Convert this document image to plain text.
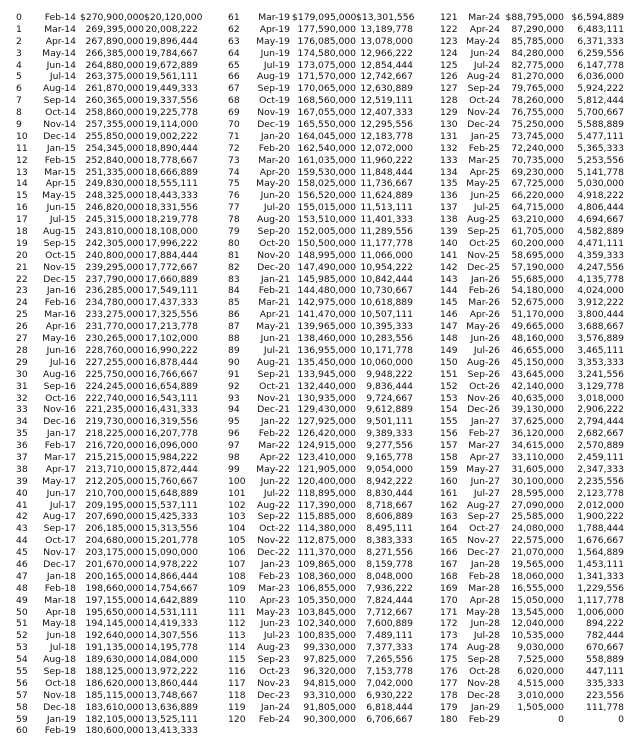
0	Feb-14 $270,900,000 $20,120,000
1	Mar-14	269,395,000 20,008,222
2	Apr-14	267,890,000 19,896,444
3	May-14	266,385,000 19,784,667
4	Jun-14	264,880,000 19,672,889
5	Jul-14	263,375,000 19,561,111
6	Aug-14	261,870,000 19,449,333
7	Sep-14	260,365,000 19,337,556
8	Oct-14	258,860,000 19,225,778
9	Nov-14	257,355,000 19,114,000
10	Dec-14	255,850,000 19,002,222
11	Jan-15	254,345,000 18,890,444
12	Feb-15	252,840,000 18,778,667
13	Mar-15	251,335,000 18,666,889
14	Apr-15	249,830,000 18,555,111
15	May-15	248,325,000 18,443,333
16	Jun-15	246,820,000 18,331,556
17	Jul-15	245,315,000 18,219,778
18	Aug-15	243,810,000 18,108,000
19	Sep-15	242,305,000 17,996,222
20	Oct-15	240,800,000 17,884,444
21	Nov-15	239,295,000 17,772,667
22	Dec-15	237,790,000 17,660,889
23	Jan-16	236,285,000 17,549,111
24	Feb-16	234,780,000 17,437,333
25	Mar-16	233,275,000 17,325,556
26	Apr-16	231,770,000 17,213,778
27	May-16	230,265,000 17,102,000
28	Jun-16	228,760,000 16,990,222
29	Jul-16	227,255,000 16,878,444
30	Aug-16	225,750,000 16,766,667
31	Sep-16	224,245,000 16,654,889
32	Oct-16	222,740,000 16,543,111
33	Nov-16	221,235,000 16,431,333
34	Dec-16	219,730,000 16,319,556
35	Jan-17	218,225,000 16,207,778
36	Feb-17	216,720,000 16,096,000
37	Mar-17	215,215,000 15,984,222
38	Apr-17	213,710,000 15,872,444
39	May-17	212,205,000 15,760,667
40	Jun-17	210,700,000 15,648,889
41	Jul-17	209,195,000 15,537,111
42	Aug-17	207,690,000 15,425,333
43	Sep-17	206,185,000 15,313,556
44	Oct-17	204,680,000 15,201,778
45	Nov-17	203,175,000 15,090,000
46	Dec-17	201,670,000 14,978,222
47	Jan-18	200,165,000 14,866,444
48	Feb-18	198,660,000 14,754,667
49	Mar-18	197,155,000 14,642,889
50	Apr-18	195,650,000 14,531,111
51	May-18	194,145,000 14,419,333
52	Jun-18	192,640,000 14,307,556
53	Jul-18	191,135,000 14,195,778
54	Aug-18	189,630,000 14,084,000
55	Sep-18	188,125,000 13,972,222
56	Oct-18	186,620,000 13,860,444
57	Nov-18	185,115,000 13,748,667
58	Dec-18	183,610,000 13,636,889
59	Jan-19	182,105,000 13,525,111
60	Feb-19	180,600,000 13,413,333
61	Mar-19 $179,095,000 $13,301,556
62	Apr-19 177,590,000 13,189,778
63	May-19 176,085,000 13,078,000
64	Jun-19 174,580,000 12,966,222
65	Jul-19 173,075,000 12,854,444
66	Aug-19 171,570,000 12,742,667
67	Sep-19 170,065,000 12,630,889
68	Oct-19 168,560,000 12,519,111
69	Nov-19 167,055,000 12,407,333
70	Dec-19 165,550,000 12,295,556
71	Jan-20 164,045,000 12,183,778
72	Feb-20 162,540,000 12,072,000
73	Mar-20 161,035,000 11,960,222
74	Apr-20 159,530,000 11,848,444
75	May-20 158,025,000 11,736,667
76	Jun-20 156,520,000 11,624,889
77	Jul-20 155,015,000 11,513,111
78	Aug-20 153,510,000 11,401,333
79	Sep-20 152,005,000 11,289,556
80	Oct-20 150,500,000 11,177,778
81	Nov-20 148,995,000 11,066,000
82	Dec-20 147,490,000 10,954,222
83	Jan-21 145,985,000 10,842,444
84	Feb-21 144,480,000 10,730,667
85	Mar-21 142,975,000 10,618,889
86	Apr-21 141,470,000 10,507,111
87	May-21 139,965,000 10,395,333
88	Jun-21 138,460,000 10,283,556
89	Jul-21 136,955,000 10,171,778
90	Aug-21 135,450,000 10,060,000
91	Sep-21 133,945,000	9,948,222
92	Oct-21 132,440,000	9,836,444
93	Nov-21 130,935,000	9,724,667
94	Dec-21 129,430,000	9,612,889
95	Jan-22 127,925,000	9,501,111
96	Feb-22 126,420,000	9,389,333
97	Mar-22 124,915,000	9,277,556
98	Apr-22 123,410,000	9,165,778
99	May-22 121,905,000	9,054,000
100	Jun-22 120,400,000	8,942,222
101	Jul-22 118,895,000	8,830,444
102	Aug-22 117,390,000	8,718,667
103	Sep-22 115,885,000	8,606,889
104	Oct-22 114,380,000	8,495,111
105	Nov-22 112,875,000	8,383,333
106	Dec-22 111,370,000	8,271,556
107	Jan-23 109,865,000	8,159,778
108	Feb-23 108,360,000	8,048,000
109	Mar-23 106,855,000	7,936,222
110	Apr-23 105,350,000	7,824,444
111	May-23 103,845,000	7,712,667
112	Jun-23 102,340,000	7,600,889
113	Jul-23 100,835,000	7,489,111
114	Aug-23	99,330,000	7,377,333
115	Sep-23	97,825,000	7,265,556
116	Oct-23	96,320,000	7,153,778
117	Nov-23	94,815,000	7,042,000
118	Dec-23	93,310,000	6,930,222
119	Jan-24	91,805,000	6,818,444
120	Feb-24	90,300,000	6,706,667
121	Mar-24 $88,795,000 $6,594,889
122	Apr-24	87,290,000	6,483,111
123 May-24	85,785,000	6,371,333
124	Jun-24	84,280,000	6,259,556
125	Jul-24	82,775,000	6,147,778
126	Aug-24	81,270,000	6,036,000
127	Sep-24	79,765,000	5,924,222
128	Oct-24	78,260,000	5,812,444
129	Nov-24	76,755,000	5,700,667
130	Dec-24	75,250,000	5,588,889
131	Jan-25	73,745,000	5,477,111
132	Feb-25	72,240,000	5,365,333
133	Mar-25	70,735,000	5,253,556
134	Apr-25	69,230,000	5,141,778
135 May-25	67,725,000	5,030,000
136	Jun-25	66,220,000	4,918,222
137	Jul-25	64,715,000	4,806,444
138	Aug-25	63,210,000	4,694,667
139	Sep-25	61,705,000	4,582,889
140	Oct-25	60,200,000	4,471,111
141	Nov-25	58,695,000	4,359,333
142	Dec-25	57,190,000	4,247,556
143	Jan-26	55,685,000	4,135,778
144	Feb-26	54,180,000	4,024,000
145	Mar-26	52,675,000	3,912,222
146	Apr-26	51,170,000	3,800,444
147 May-26	49,665,000	3,688,667
148	Jun-26	48,160,000	3,576,889
149	Jul-26	46,655,000	3,465,111
150	Aug-26	45,150,000	3,353,333
151	Sep-26	43,645,000	3,241,556
152	Oct-26	42,140,000	3,129,778
153	Nov-26	40,635,000	3,018,000
154	Dec-26	39,130,000	2,906,222
155	Jan-27	37,625,000	2,794,444
156	Feb-27	36,120,000	2,682,667
157	Mar-27	34,615,000	2,570,889
158	Apr-27	33,110,000	2,459,111
159 May-27	31,605,000	2,347,333
160	Jun-27	30,100,000	2,235,556
161	Jul-27	28,595,000	2,123,778
162	Aug-27	27,090,000	2,012,000
163	Sep-27	25,585,000	1,900,222
164	Oct-27	24,080,000	1,788,444
165	Nov-27	22,575,000	1,676,667
166	Dec-27	21,070,000	1,564,889
167	Jan-28	19,565,000	1,453,111
168	Feb-28	18,060,000	1,341,333
169	Mar-28	16,555,000	1,229,556
170	Apr-28	15,050,000	1,117,778
171 May-28	13,545,000	1,006,000
172	Jun-28	12,040,000	894,222
173	Jul-28	10,535,000	782,444
174	Aug-28	9,030,000	670,667
175	Sep-28	7,525,000	558,889
176	Oct-28	6,020,000	447,111
177	Nov-28	4,515,000	335,333
178	Dec-28	3,010,000	223,556
179	Jan-29	1,505,000	111,778
180	Feb-29	0	0
